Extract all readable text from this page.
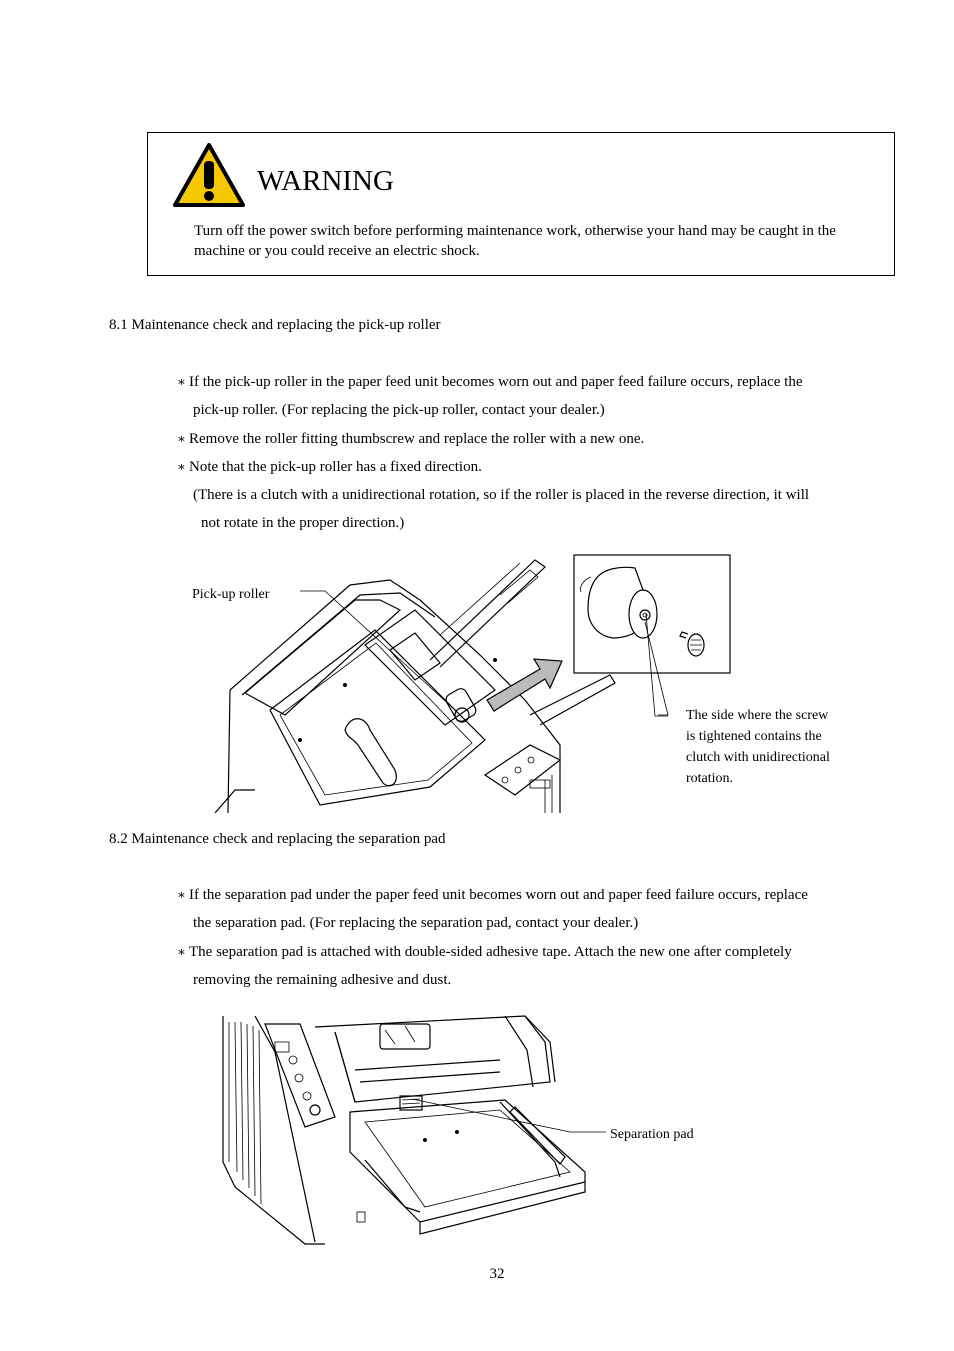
WARNING
Turn off the power switch before performing maintenance work, otherwise your hand may be caught in the machine or you could receive an electric shock.
8.1 Maintenance check and replacing the pick-up roller
∗ If the pick-up roller in the paper feed unit becomes worn out and paper feed failure occurs, replace the
pick-up roller. (For replacing the pick-up roller, contact your dealer.)
∗ Remove the roller fitting thumbscrew and replace the roller with a new one.
∗ Note that the pick-up roller has a fixed direction.
(There is a clutch with a unidirectional rotation, so if the roller is placed in the reverse direction, it will
not rotate in the proper direction.)
Pick-up roller
The side where the screw
is tightened contains the
clutch with unidirectional
rotation.
8.2 Maintenance check and replacing the separation pad
∗ If the separation pad under the paper feed unit becomes worn out and paper feed failure occurs, replace
the separation pad. (For replacing the separation pad, contact your dealer.)
∗ The separation pad is attached with double-sided adhesive tape. Attach the new one after completely
removing the remaining adhesive and dust.
Separation pad
32
